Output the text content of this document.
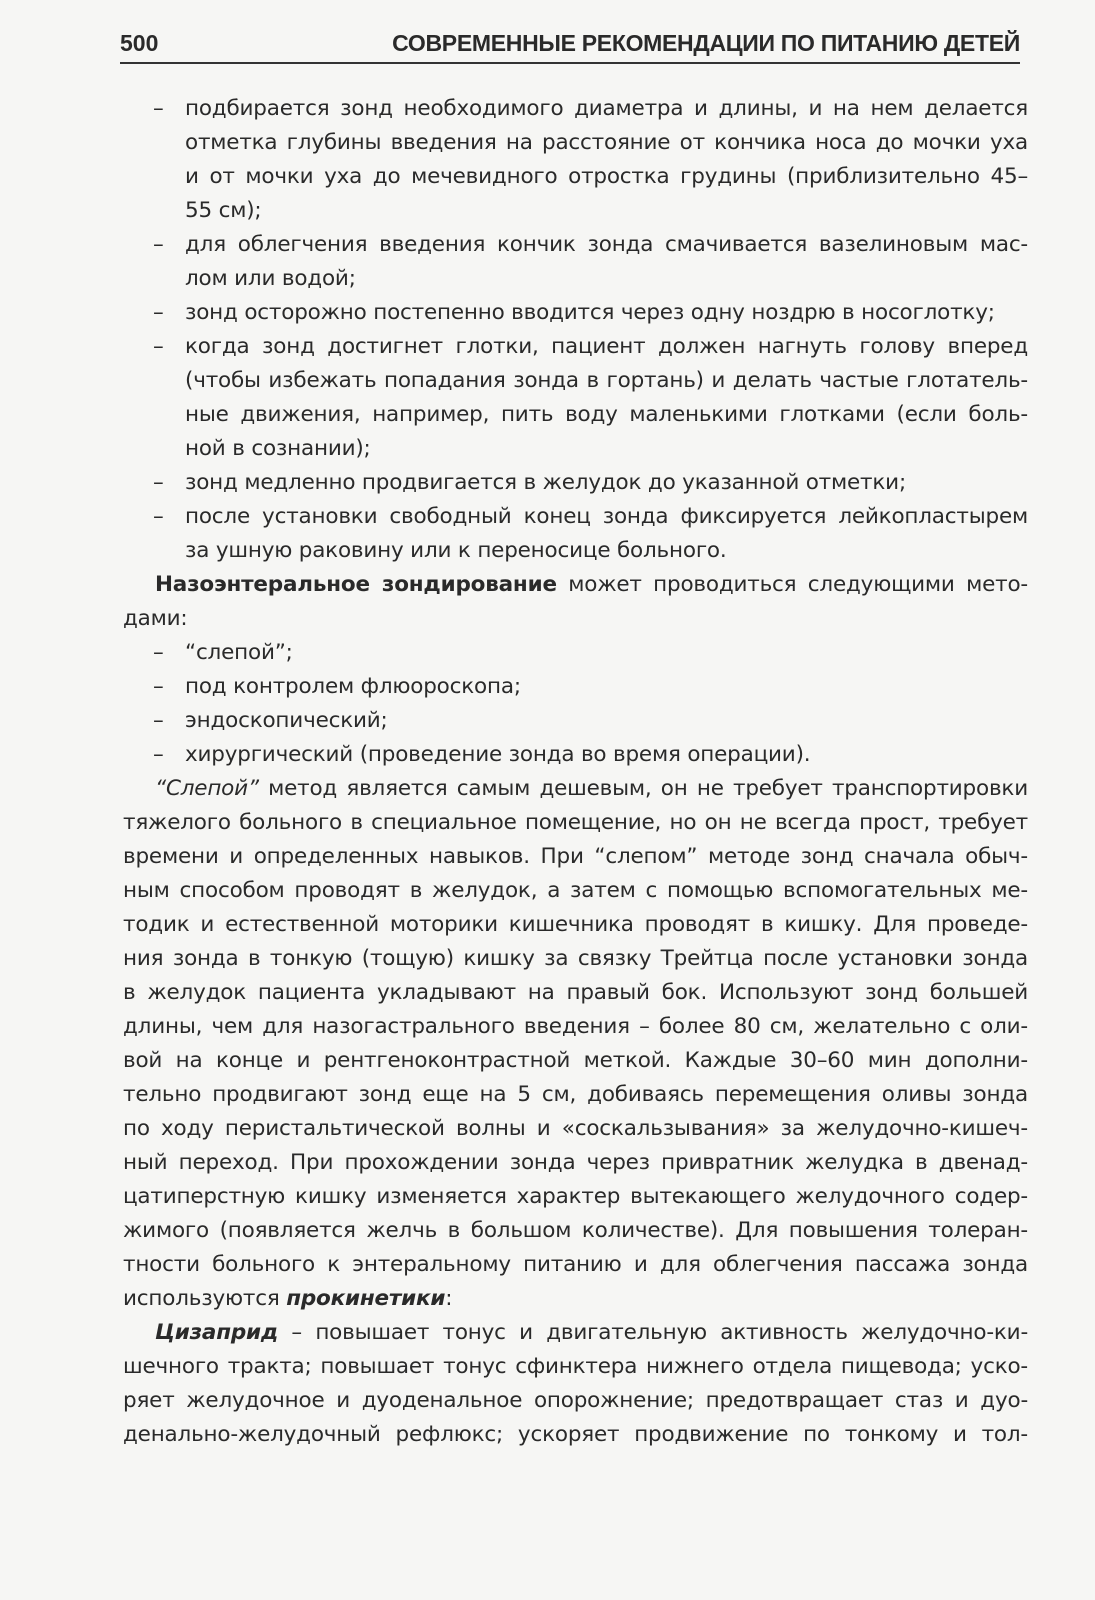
500	СОВРЕМЕННЫЕ РЕКОМЕНДАЦИИ ПО ПИТАНИЮ ДЕТЕЙ
– подбирается зонд необходимого диаметра и длины, и на нем делается
отметка глубины введения на расстояние от кончика носа до мочки уха
и от мочки уха до мечевидного отростка грудины (приблизительно 45–
55 см);
– для облегчения введения кончик зонда смачивается вазелиновым мас-
лом или водой;
– зонд осторожно постепенно вводится через одну ноздрю в носоглотку;
– когда зонд достигнет глотки, пациент должен нагнуть голову вперед
(чтобы избежать попадания зонда в гортань) и делать частые глотатель-
ные движения, например, пить воду маленькими глотками (если боль-
ной в сознании);
– зонд медленно продвигается в желудок до указанной отметки;
– после установки свободный конец зонда фиксируется лейкопластырем
за ушную раковину или к переносице больного.
Назоэнтеральное зондирование может проводиться следующими мето-
дами:
– “слепой”;
– под контролем флюороскопа;
– эндоскопический;
– хирургический (проведение зонда во время операции).
“Слепой” метод является самым дешевым, он не требует транспортировки
тяжелого больного в специальное помещение, но он не всегда прост, требует
времени и определенных навыков. При “слепом” методе зонд сначала обыч-
ным способом проводят в желудок, а затем с помощью вспомогательных ме-
тодик и естественной моторики кишечника проводят в кишку. Для проведе-
ния зонда в тонкую (тощую) кишку за связку Трейтца после установки зонда
в желудок пациента укладывают на правый бок. Используют зонд большей
длины, чем для назогастрального введения – более 80 см, желательно с оли-
вой на конце и рентгеноконтрастной меткой. Каждые 30–60 мин дополни-
тельно продвигают зонд еще на 5 см, добиваясь перемещения оливы зонда
по ходу перистальтической волны и «соскальзывания» за желудочно-кишеч-
ный переход. При прохождении зонда через привратник желудка в двенад-
цатиперстную кишку изменяется характер вытекающего желудочного содер-
жимого (появляется желчь в большом количестве). Для повышения толеран-
тности больного к энтеральному питанию и для облегчения пассажа зонда
используются прокинетики:
Цизаприд – повышает тонус и двигательную активность желудочно-ки-
шечного тракта; повышает тонус сфинктера нижнего отдела пищевода; уско-
ряет желудочное и дуоденальное опорожнение; предотвращает стаз и дуо-
денально-желудочный рефлюкс; ускоряет продвижение по тонкому и тол-
